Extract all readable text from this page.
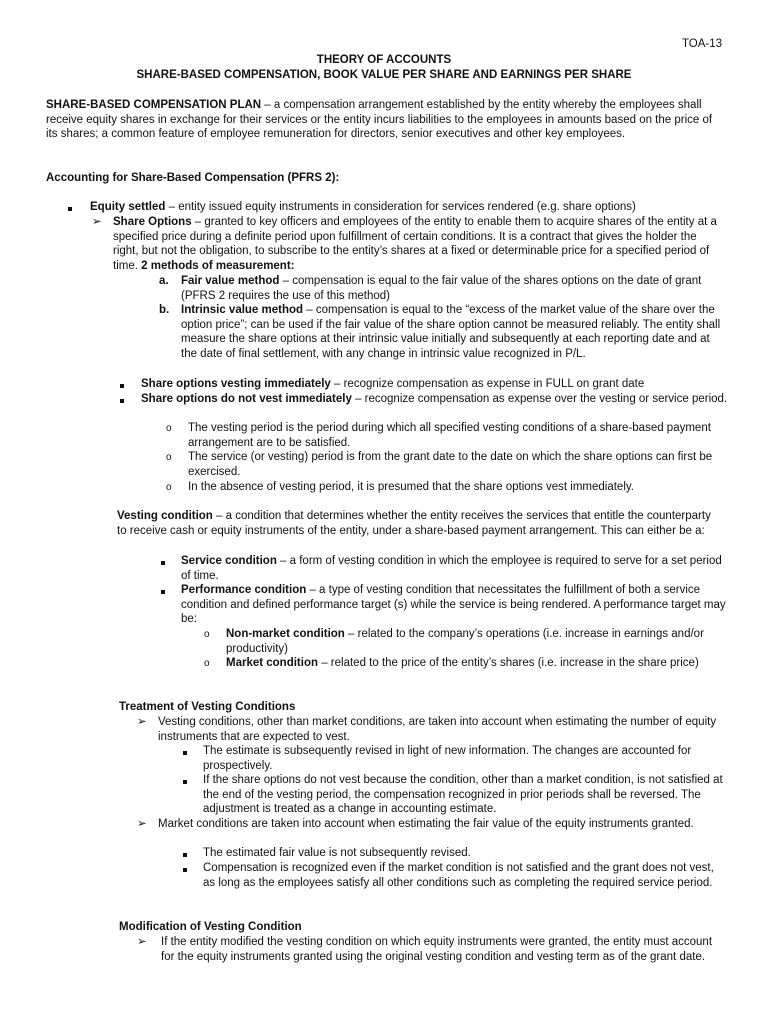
TOA-13
THEORY OF ACCOUNTS
SHARE-BASED COMPENSATION, BOOK VALUE PER SHARE AND EARNINGS PER SHARE
SHARE-BASED COMPENSATION PLAN – a compensation arrangement established by the entity whereby the employees shall receive equity shares in exchange for their services or the entity incurs liabilities to the employees in amounts based on the price of its shares; a common feature of employee remuneration for directors, senior executives and other key employees.
Accounting for Share-Based Compensation (PFRS 2):
Equity settled – entity issued equity instruments in consideration for services rendered (e.g. share options)
➢ Share Options – granted to key officers and employees of the entity to enable them to acquire shares of the entity at a specified price during a definite period upon fulfillment of certain conditions. It is a contract that gives the holder the right, but not the obligation, to subscribe to the entity’s shares at a fixed or determinable price for a specified period of time. 2 methods of measurement:
a. Fair value method – compensation is equal to the fair value of the shares options on the date of grant (PFRS 2 requires the use of this method)
b. Intrinsic value method – compensation is equal to the “excess of the market value of the share over the option price”; can be used if the fair value of the share option cannot be measured reliably. The entity shall measure the share options at their intrinsic value initially and subsequently at each reporting date and at the date of final settlement, with any change in intrinsic value recognized in P/L.
Share options vesting immediately – recognize compensation as expense in FULL on grant date
Share options do not vest immediately – recognize compensation as expense over the vesting or service period.
o The vesting period is the period during which all specified vesting conditions of a share-based payment arrangement are to be satisfied.
o The service (or vesting) period is from the grant date to the date on which the share options can first be exercised.
o In the absence of vesting period, it is presumed that the share options vest immediately.
Vesting condition – a condition that determines whether the entity receives the services that entitle the counterparty to receive cash or equity instruments of the entity, under a share-based payment arrangement. This can either be a:
Service condition – a form of vesting condition in which the employee is required to serve for a set period of time.
Performance condition – a type of vesting condition that necessitates the fulfillment of both a service condition and defined performance target (s) while the service is being rendered. A performance target may be:
o Non-market condition – related to the company’s operations (i.e. increase in earnings and/or productivity)
o Market condition – related to the price of the entity’s shares (i.e. increase in the share price)
Treatment of Vesting Conditions
➢ Vesting conditions, other than market conditions, are taken into account when estimating the number of equity instruments that are expected to vest.
The estimate is subsequently revised in light of new information. The changes are accounted for prospectively.
If the share options do not vest because the condition, other than a market condition, is not satisfied at the end of the vesting period, the compensation recognized in prior periods shall be reversed. The adjustment is treated as a change in accounting estimate.
➢ Market conditions are taken into account when estimating the fair value of the equity instruments granted.
The estimated fair value is not subsequently revised.
Compensation is recognized even if the market condition is not satisfied and the grant does not vest, as long as the employees satisfy all other conditions such as completing the required service period.
Modification of Vesting Condition
➢ If the entity modified the vesting condition on which equity instruments were granted, the entity must account for the equity instruments granted using the original vesting condition and vesting term as of the grant date.
